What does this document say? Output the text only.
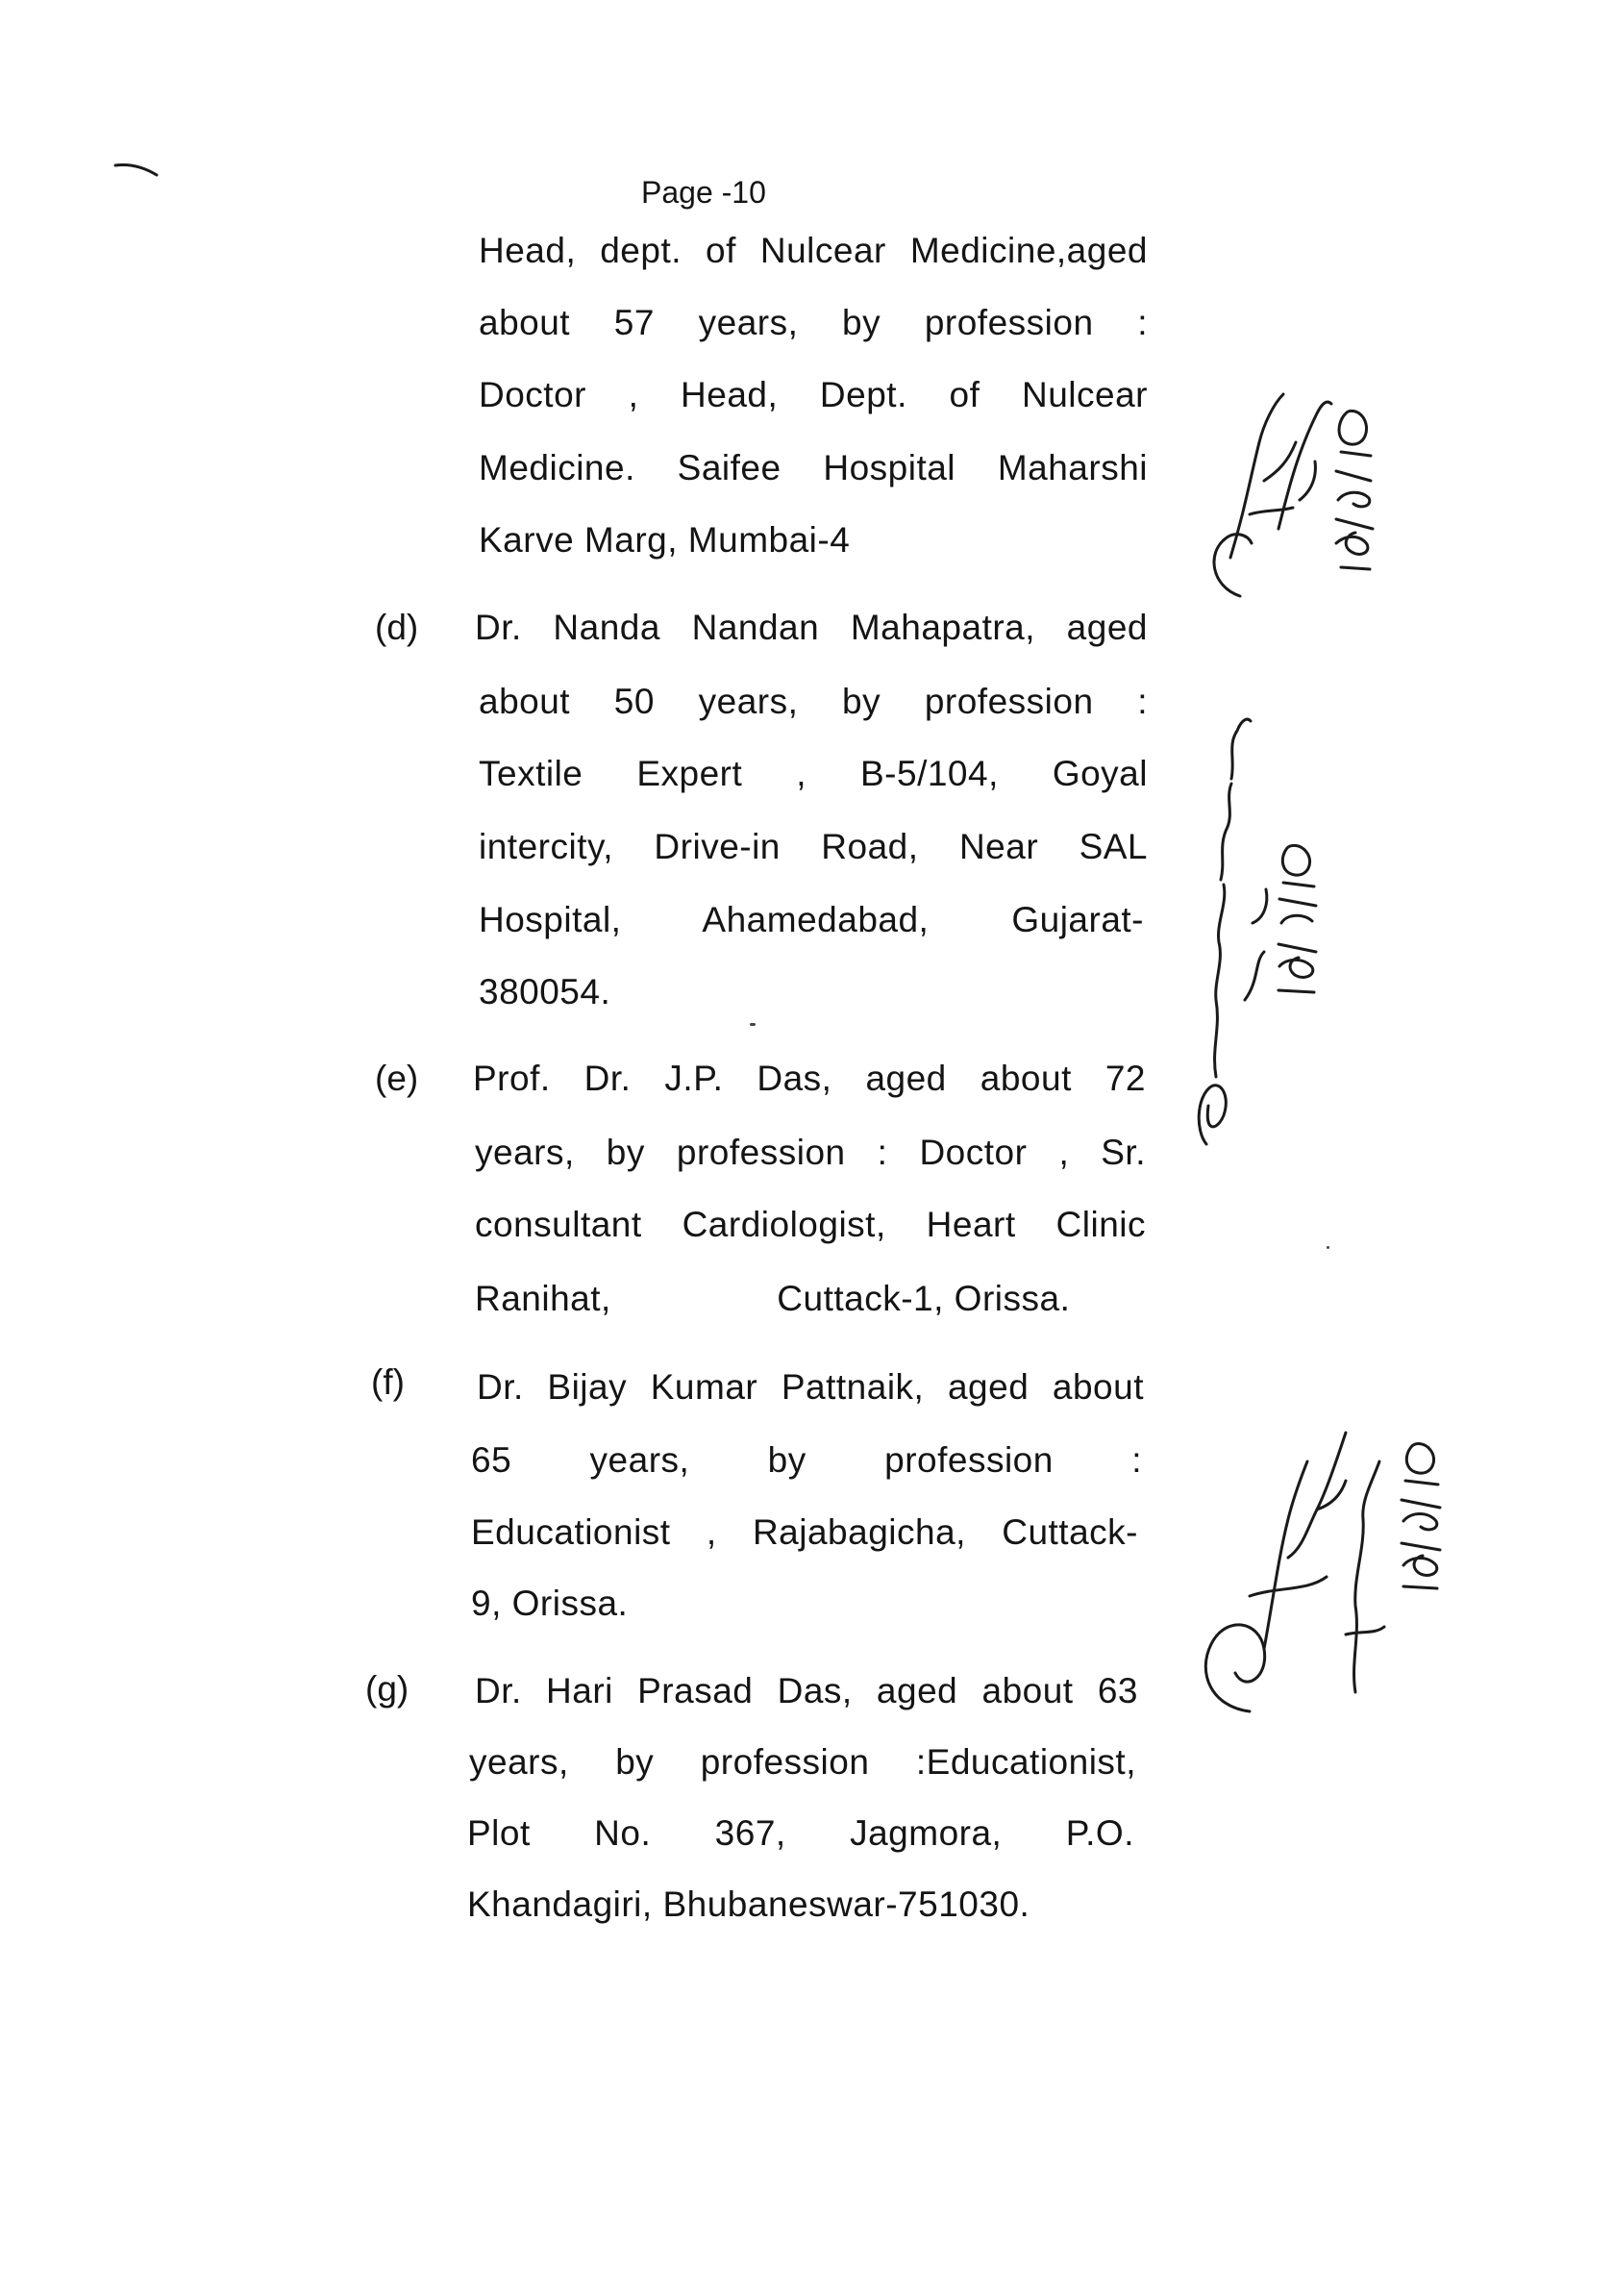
Page -10
Head, dept. of Nulcear Medicine,aged
about 57 years, by profession :
Doctor , Head, Dept. of Nulcear
Medicine. Saifee Hospital Maharshi
Karve Marg, Mumbai-4
(d) Dr. Nanda Nandan Mahapatra, aged
about 50 years, by profession :
Textile Expert , B-5/104, Goyal
intercity, Drive-in Road, Near SAL
Hospital, Ahamedabad, Gujarat-
380054.
(e) Prof. Dr. J.P. Das, aged about 72
years, by profession : Doctor , Sr.
consultant Cardiologist, Heart Clinic
Ranihat,                Cuttack-1, Orissa.
(f) Dr. Bijay Kumar Pattnaik, aged about
65 years, by profession :
Educationist , Rajabagicha, Cuttack-
9, Orissa.
(g) Dr. Hari Prasad Das, aged about 63
years, by profession :Educationist,
Plot No. 367, Jagmora, P.O.
Khandagiri, Bhubaneswar-751030.
